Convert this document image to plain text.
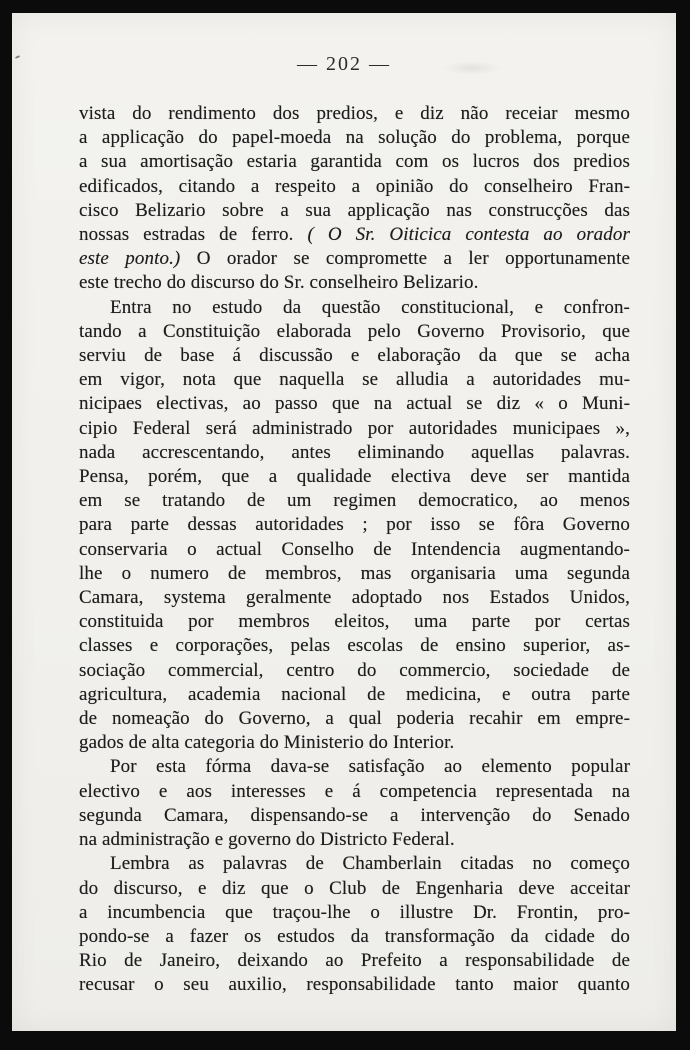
— 202 —
vista do rendimento dos predios, e diz não receiar mesmo
a applicação do papel-moeda na solução do problema, porque
a sua amortisação estaria garantida com os lucros dos predios
edificados, citando a respeito a opinião do conselheiro Fran-
cisco Belizario sobre a sua applicação nas construcções das
nossas estradas de ferro. ( O Sr. Oiticica contesta ao orador
este ponto.) O orador se compromette a ler opportunamente
este trecho do discurso do Sr. conselheiro Belizario.
Entra no estudo da questão constitucional, e confron-
tando a Constituição elaborada pelo Governo Provisorio, que
serviu de base á discussão e elaboração da que se acha
em vigor, nota que naquella se alludia a autoridades mu-
nicipaes electivas, ao passo que na actual se diz « o Muni-
cipio Federal será administrado por autoridades municipaes »,
nada accrescentando, antes eliminando aquellas palavras.
Pensa, porém, que a qualidade electiva deve ser mantida
em se tratando de um regimen democratico, ao menos
para parte dessas autoridades ; por isso se fôra Governo
conservaria o actual Conselho de Intendencia augmentando-
lhe o numero de membros, mas organisaria uma segunda
Camara, systema geralmente adoptado nos Estados Unidos,
constituida por membros eleitos, uma parte por certas
classes e corporações, pelas escolas de ensino superior, as-
sociação commercial, centro do commercio, sociedade de
agricultura, academia nacional de medicina, e outra parte
de nomeação do Governo, a qual poderia recahir em empre-
gados de alta categoria do Ministerio do Interior.
Por esta fórma dava-se satisfação ao elemento popular
electivo e aos interesses e á competencia representada na
segunda Camara, dispensando-se a intervenção do Senado
na administração e governo do Districto Federal.
Lembra as palavras de Chamberlain citadas no começo
do discurso, e diz que o Club de Engenharia deve acceitar
a incumbencia que traçou-lhe o illustre Dr. Frontin, pro-
pondo-se a fazer os estudos da transformação da cidade do
Rio de Janeiro, deixando ao Prefeito a responsabilidade de
recusar o seu auxilio, responsabilidade tanto maior quanto
